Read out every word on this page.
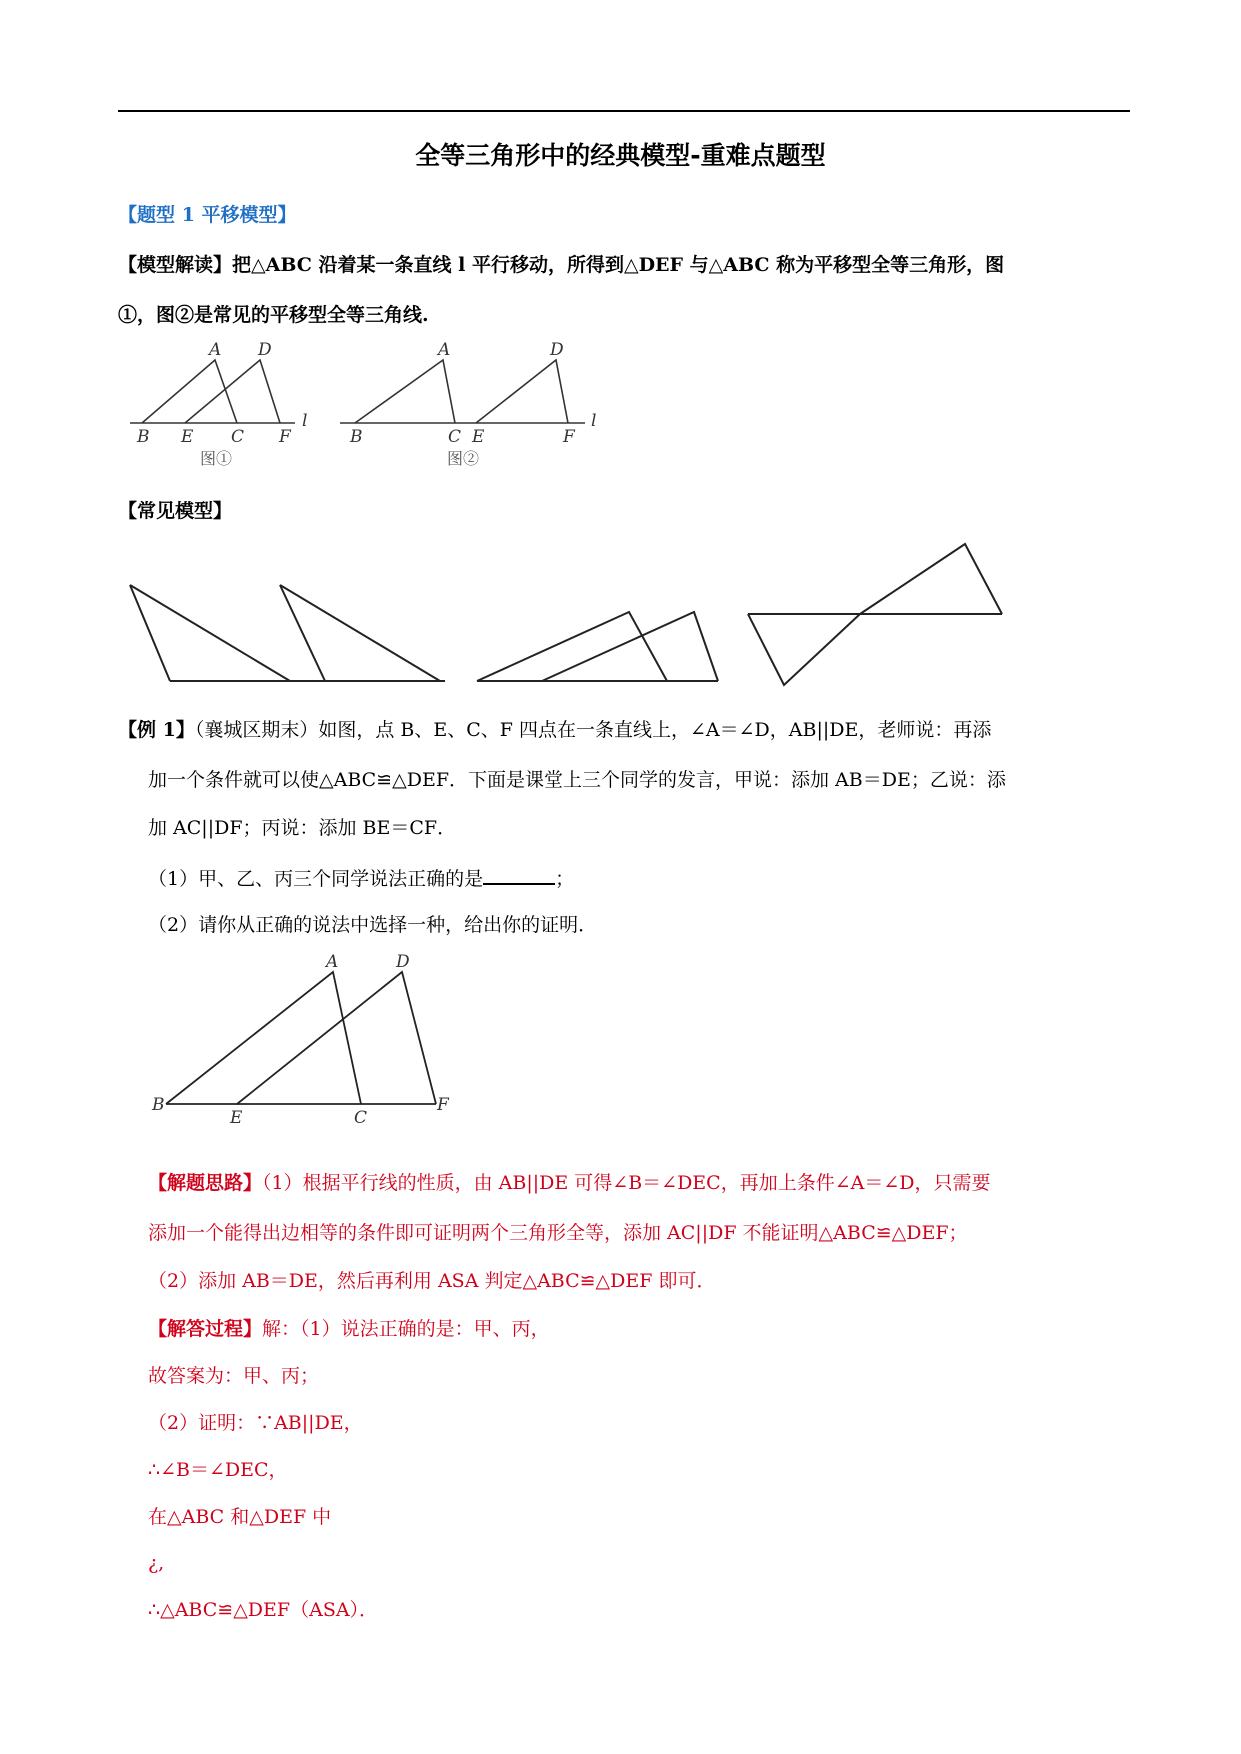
全等三角形中的经典模型-重难点题型
【题型 1 平移模型】
【模型解读】把△ABC 沿着某一条直线 l 平行移动，所得到△DEF 与△ABC 称为平移型全等三角形，图
①，图②是常见的平移型全等三角线.
A D
B E C F
l
图①
A	D
B	C E	F
l
图②
【常见模型】
【例 1】（襄城区期末）如图，点 B、E、C、F 四点在一条直线上，∠A＝∠D，AB||DE，老师说：再添
加一个条件就可以使△ABC≌△DEF．下面是课堂上三个同学的发言，甲说：添加 AB＝DE；乙说：添
加 AC||DF；丙说：添加 BE＝CF．
（1）甲、乙、丙三个同学说法正确的是	；
（2）请你从正确的说法中选择一种，给出你的证明．
A	D
B
E	C
F
【解题思路】（1）根据平行线的性质，由 AB||DE 可得∠B＝∠DEC，再加上条件∠A＝∠D，只需要
添加一个能得出边相等的条件即可证明两个三角形全等，添加 AC||DF 不能证明△ABC≌△DEF；
（2）添加 AB＝DE，然后再利用 ASA 判定△ABC≌△DEF 即可．
【解答过程】解：（1）说法正确的是：甲、丙，
故答案为：甲、丙；
（2）证明：∵AB||DE，
∴∠B＝∠DEC，
在△ABC 和△DEF 中
¿,
∴△ABC≌△DEF（ASA）．
